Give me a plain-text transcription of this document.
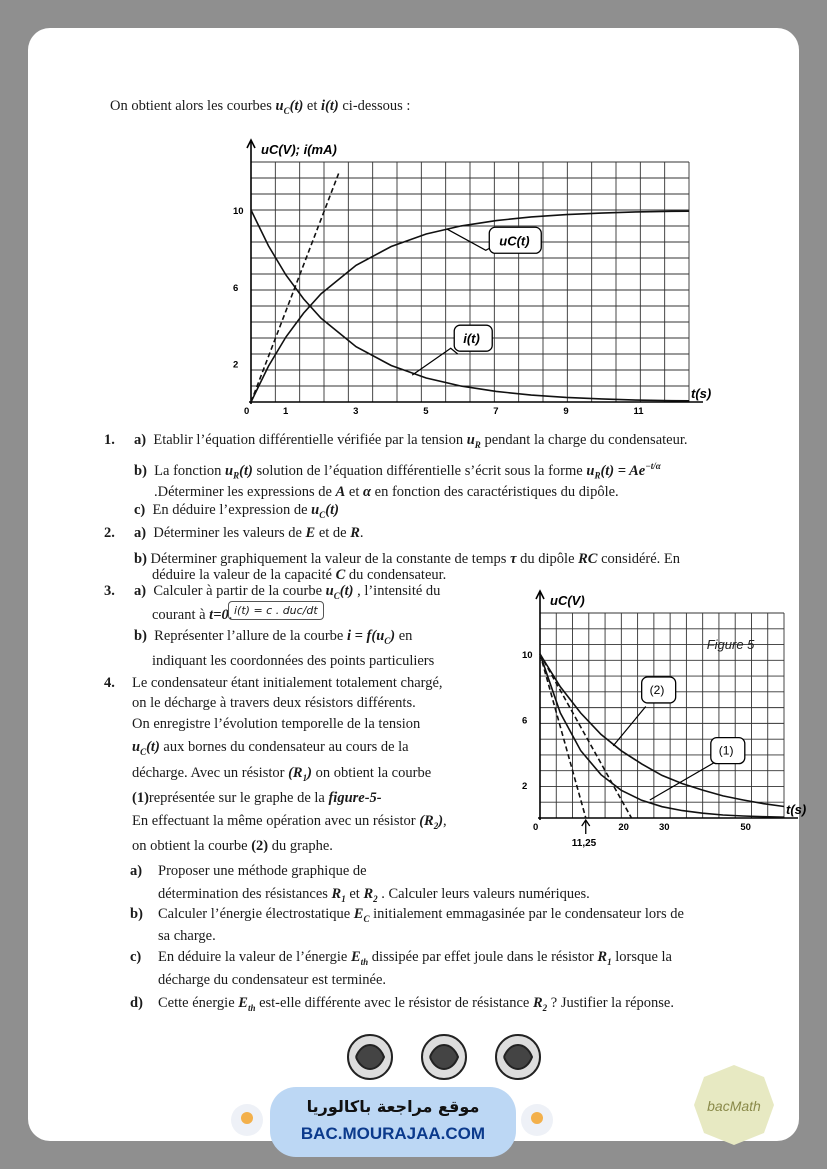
On obtient alors les courbes $u_C(t)$ et i(t) ci-dessous :
uC(V); i(mA)
t(s)
0	1	3	5	7	9	11
10
6
2
uC(t)
i(t)
1. a) Etablir l’équation différentielle vérifiée par la tension $u_R$ pendant la charge du condensateur.
b) La fonction $u_R(t)$ solution de l’équation différentielle s’écrit sous la forme $u_R(t) = Ae^{-t/\alpha}$
.Déterminer les expressions de A et α en fonction des caractéristiques du dipôle.
c) En déduire l’expression de $u_C(t)$
2. a) Déterminer les valeurs de E et de R.
b) Déterminer graphiquement la valeur de la constante de temps τ du dipôle RC considéré. En
déduire la valeur de la capacité C du condensateur.
3. a) Calculer à partir de la courbe $u_C(t)$ , l’intensité du
courant à t=0. i(t) = c . duc/dt
b) Représenter l’allure de la courbe $i = f(u_C)$ en
indiquant les coordonnées des points particuliers
4. Le condensateur étant initialement totalement chargé,
on le décharge à travers deux résistors différents.
On enregistre l’évolution temporelle de la tension
$u_C(t)$ aux bornes du condensateur au cours de la
décharge. Avec un résistor $(R_1)$ on obtient la courbe
(1)représentée sur le graphe de la figure-5-
En effectuant la même opération avec un résistor $(R_2)$,
on obtient la courbe (2) du graphe.
uC(V)
t(s)
0	20	30	50
10
6
2
11,25
Figure 5
(2)
(1)
a) Proposer une méthode graphique de
détermination des résistances $R_1$ et $R_2$ . Calculer leurs valeurs numériques.
b) Calculer l’énergie électrostatique $E_C$ initialement emmagasinée par le condensateur lors de
sa charge.
c) En déduire la valeur de l’énergie $E_{th}$ dissipée par effet joule dans le résistor $R_1$ lorsque la
décharge du condensateur est terminée.
d) Cette énergie $E_{th}$ est-elle différente avec le résistor de résistance $R_2$ ? Justifier la réponse.
bacMath
موقع مراجعة باكالوريا
BAC.MOURAJAA.COM
